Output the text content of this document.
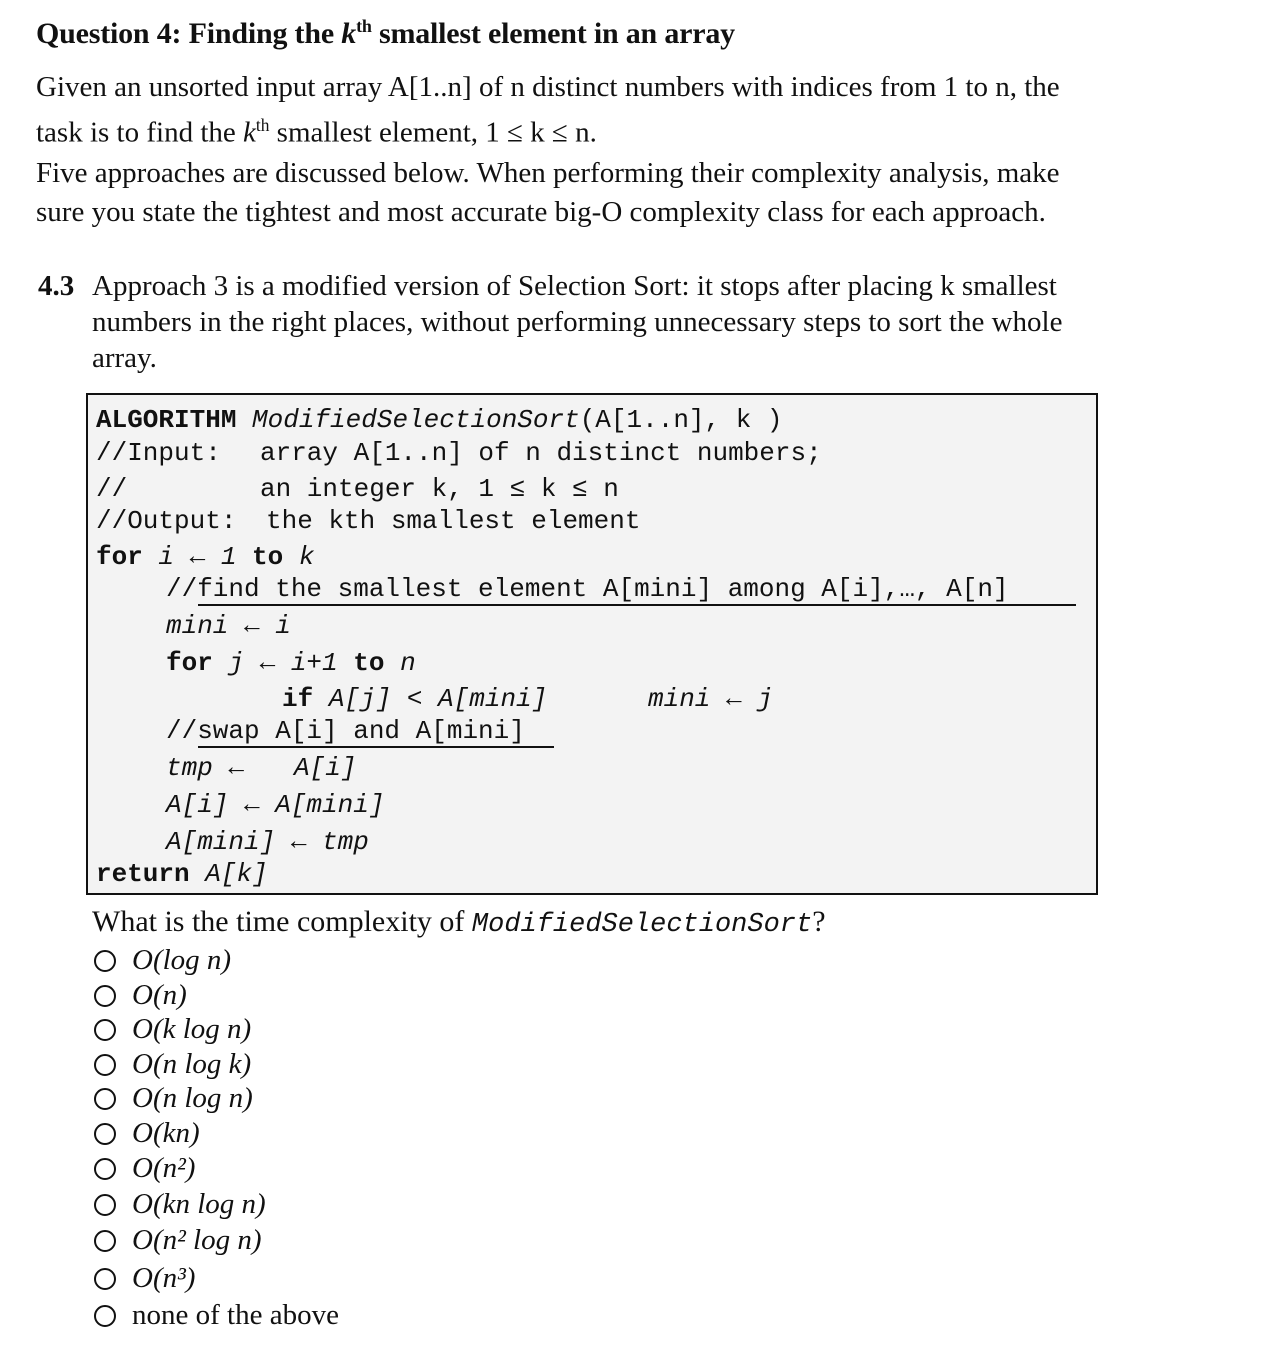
Question 4: Finding the $k^{th}$ smallest element in an array
Given an unsorted input array A[1..n] of n distinct numbers with indices from 1 to n, the
task is to find the $k^{th}$ smallest element, 1 ≤ k ≤ n.
Five approaches are discussed below. When performing their complexity analysis, make
sure you state the tightest and most accurate big-O complexity class for each approach.
4.3 Approach 3 is a modified version of Selection Sort: it stops after placing k smallest
numbers in the right places, without performing unnecessary steps to sort the whole
array.
ALGORITHM ModifiedSelectionSort(A[1..n], k )
//Input: array A[1..n] of n distinct numbers;
//	an integer k, 1 ≤ k ≤ n
//Output: the kth smallest element
for i ← 1 to k
//find the smallest element A[mini] among A[i],…, A[n]
mini ← i
for j ← i+1 to n
if A[j] < A[mini]	mini ← j
//swap A[i] and A[mini]
tmp ← A[i]
A[i] ← A[mini]
A[mini] ← tmp
return A[k]
What is the time complexity of ModifiedSelectionSort?
O(log n)
O(n)
O(k log n)
O(n log k)
O(n log n)
O(kn)
O(n²)
O(kn log n)
O(n² log n)
O(n³)
none of the above
